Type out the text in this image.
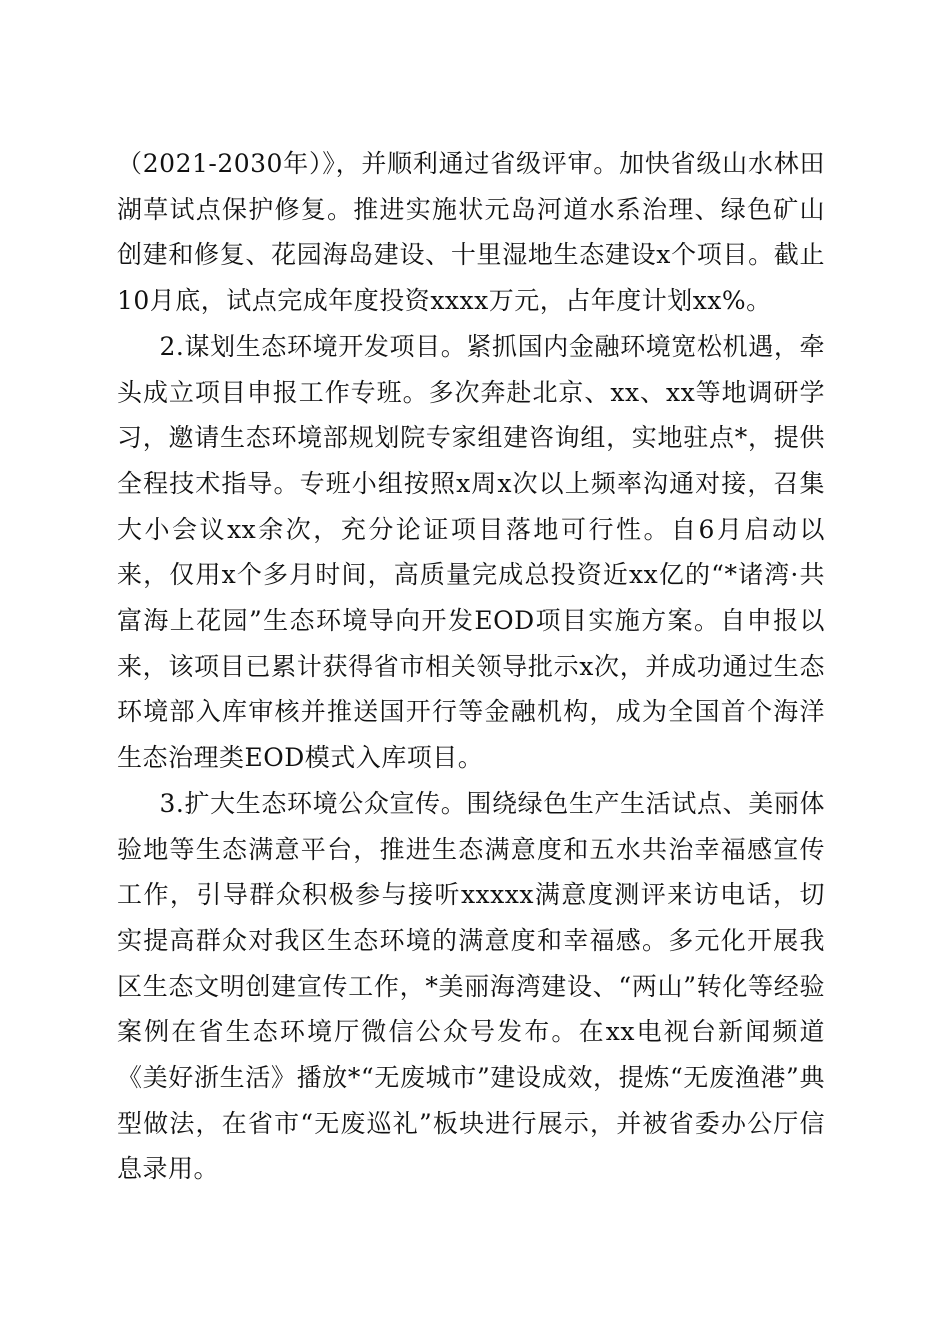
（2021-2030年）》，并顺利通过省级评审。加快省级山水林田湖草试点保护修复。推进实施状元岛河道水系治理、绿色矿山创建和修复、花园海岛建设、十里湿地生态建设x个项目。截止10月底，试点完成年度投资xxxx万元，占年度计划xx%。

2.谋划生态环境开发项目。紧抓国内金融环境宽松机遇，牵头成立项目申报工作专班。多次奔赴北京、xx、xx等地调研学习，邀请生态环境部规划院专家组建咨询组，实地驻点*，提供全程技术指导。专班小组按照x周x次以上频率沟通对接，召集大小会议xx余次，充分论证项目落地可行性。自6月启动以来，仅用x个多月时间，高质量完成总投资近xx亿的“*诸湾·共富海上花园”生态环境导向开发EOD项目实施方案。自申报以来，该项目已累计获得省市相关领导批示x次，并成功通过生态环境部入库审核并推送国开行等金融机构，成为全国首个海洋生态治理类EOD模式入库项目。

3.扩大生态环境公众宣传。围绕绿色生产生活试点、美丽体验地等生态满意平台，推进生态满意度和五水共治幸福感宣传工作，引导群众积极参与接听xxxxx满意度测评来访电话，切实提高群众对我区生态环境的满意度和幸福感。多元化开展我区生态文明创建宣传工作，*美丽海湾建设、“两山”转化等经验案例在省生态环境厅微信公众号发布。在xx电视台新闻频道《美好浙生活》播放*“无废城市”建设成效，提炼“无废渔港”典型做法，在省市“无废巡礼”板块进行展示，并被省委办公厅信息录用。
